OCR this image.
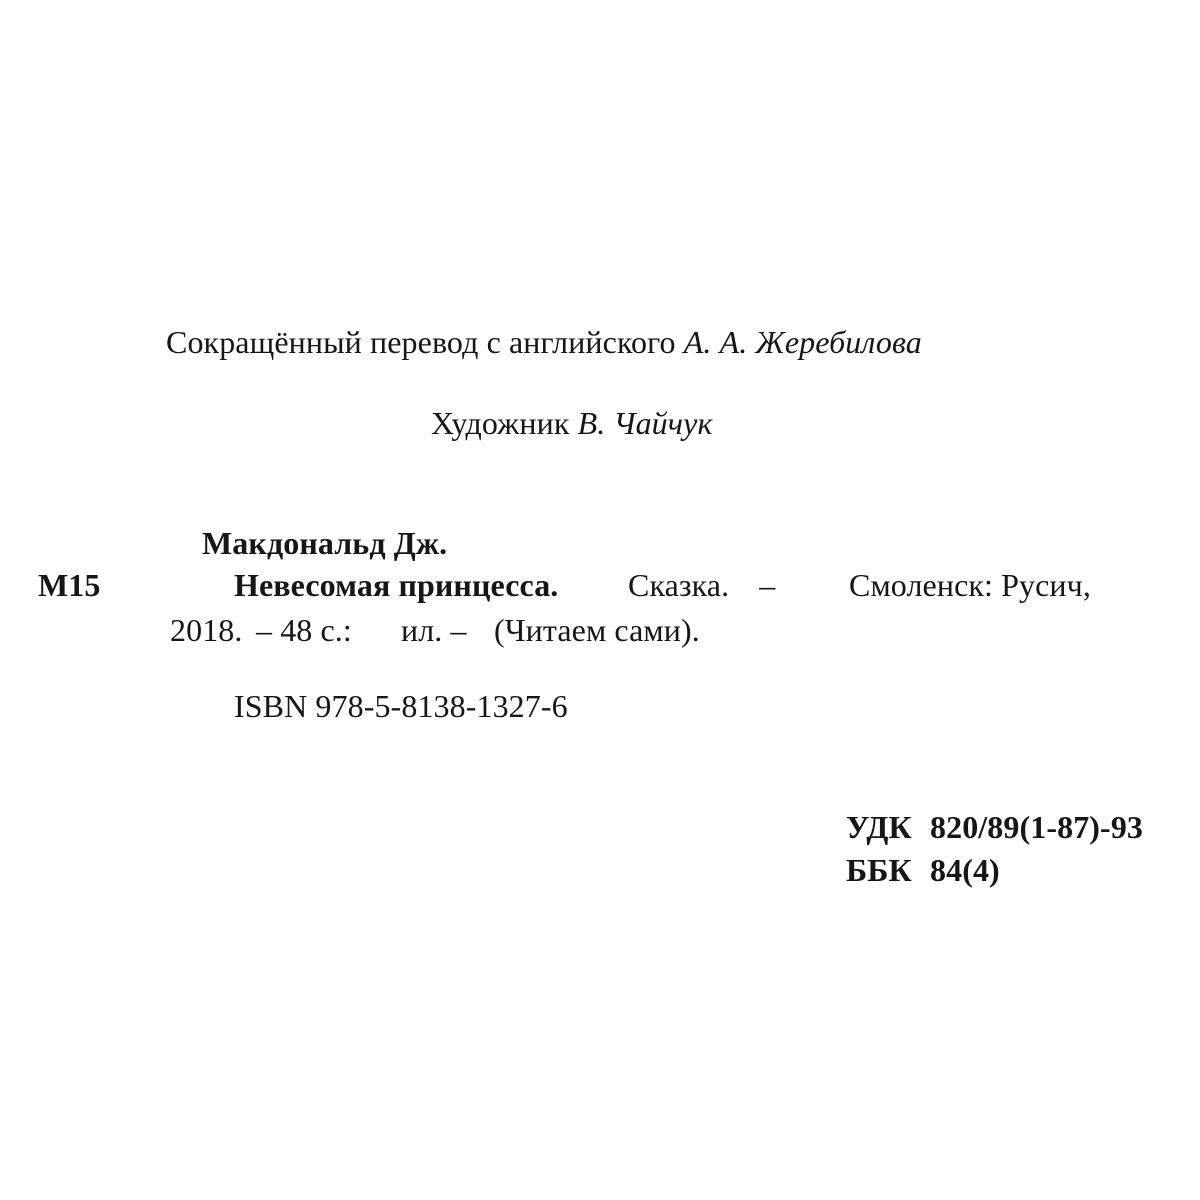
Сокращённый перевод с английского А. А. Жеребилова
Художник В. Чайчук
Макдональд Дж.
М15	Невесомая принцесса. Сказка. – Смоленск: Русич,
2018. – 48 с.: ил. – (Читаем сами).
ISBN 978-5-8138-1327-6
УДК 820/89(1-87)-93
ББК 84(4)
